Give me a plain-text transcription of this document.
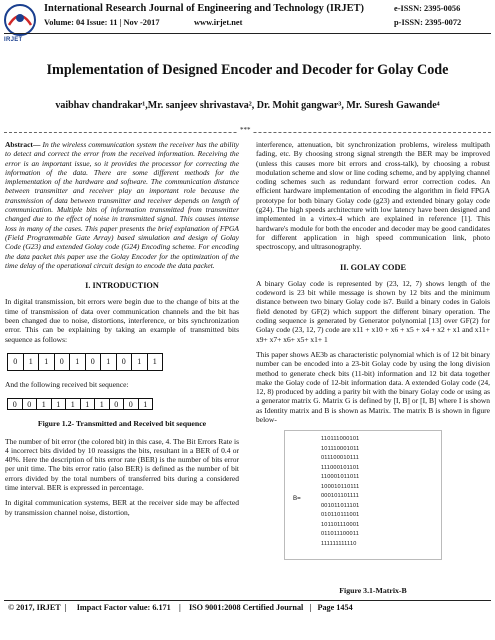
IRJET
International Research Journal of Engineering and Technology (IRJET)
Volume: 04 Issue: 11 | Nov -2017	www.irjet.net
e-ISSN: 2395-0056
p-ISSN: 2395-0072
Implementation of Designed Encoder and Decoder for Golay Code
vaibhav chandrakar¹,Mr. sanjeev shrivastava², Dr. Mohit gangwar³, Mr. Suresh Gawande⁴
***

Abstract— In the wireless communication system the receiver has the ability to detect and correct the error from the received information. Receiving the error is an important issue, so it provides the processor for correcting the information of the data. There are some different methods for the implementation of the hardware and software. The communication distance between transmitter and receiver play an important role because the transmission of data between transmitter and receiver depends on length of communication. Multiple bits of information transmitted from transmitter changed due to the effect of noise in transmitted signal. This causes intense loss in many of the cases. This paper presents the brief explanation of FPGA (Field Programmable Gate Array) based simulation and design of Golay Code (G23) and extended Golay code (G24) Encoding scheme. For encoding the data packet this paper use the Golay Encoder for the optimization of the time delay of the operational circuit design to encode the data packet.

I. INTRODUCTION

In digital transmission, bit errors were begin due to the change of bits at the time of transmission of data over communication channels and the bit has been changed due to noise, distortions, interference, or bits synchronization error. This can be explaining by taking an example of transmitted bits sequence as follows:

0	1	1	0	1	0	1	0	1	1

And the following received bit sequence:

0	0	1	1	1	1	1	0	0	1
Figure 1.2- Transmitted and Received bit sequence

The number of bit error (the colored bit) in this case, 4. The Bit Errors Rate is 4 incorrect bits divided by 10 reassigns the bits, resultant in a BER of 0.4 or 40%. Here the description of bits error rate (BER) is the number of bits error per unit time. The bits error ratio (also BER) is defined as the number of bit errors divided by the total numbers of transferred bits during a considered time interval. BER is expressed in percentage.

In digital communication systems, BER at the receiver side may be affected by transmission channel noise, distortion,

interference, attenuation, bit synchronization problems, wireless multipath fading, etc. By choosing strong signal strength the BER may be improved (unless this causes more bit errors and cross-talk), by choosing a robust modulation scheme and slow or line coding scheme, and by applying channel coding schemes such as redundant forward error correction codes. An efficient hardware implementation of encoding the algorithm in field FPGA prototype for both binary Golay code (g23) and extended binary golay code (g24). The high speeds architecture with low latency have been designed and implemented in a virtex-4 which are explained in reference [1]. This hardware's module for both the encoder and decoder may be good candidates for different application in high speed communication link, photo spectroscopy, and ultrasonography.

II. GOLAY CODE

A binary Golay code is represented by (23, 12, 7) shows length of the codeword is 23 bit while message is shown by 12 bits and the minimum distance between two binary Golay code is7. Build a binary codes in Galois field denoted by GF(2) which support the different binary operation. The coding sequence is generated by Generator polynomial [13] over GF(2) for Golay code (23, 12, 7) code are x11 + x10 + x6 + x5 + x4 + x2 + x1 and x11+ x9+ x7+ x6+ x5+ x1+ 1

This paper shows AE3b as characteristic polynomial which is of 12 bit binary number can be encoded into a 23-bit Golay code by using the long division method to generate check bits (11-bit) information and 12 bit data together make the Golay code of 12-bit information data. A extended Golay code (24, 12, 8) produced by adding a parity bit with the binary Golay code or using as a generator matrix G. Matrix G is defined by [I, B] or [I, B] where I is shown as Identity matrix and B is shown as Matrix. The matrix B is shown in figure below-

B=
110111000101
101110001011
011100010111
111000101101
110001011011
100010110111
000101101111
001011011101
010110111001
101101110001
011011100011
111111111110
Figure 3.1-Matrix-B
© 2017, IRJET  |     Impact Factor value: 6.171    |    ISO 9001:2008 Certified Journal   |   Page 1454
